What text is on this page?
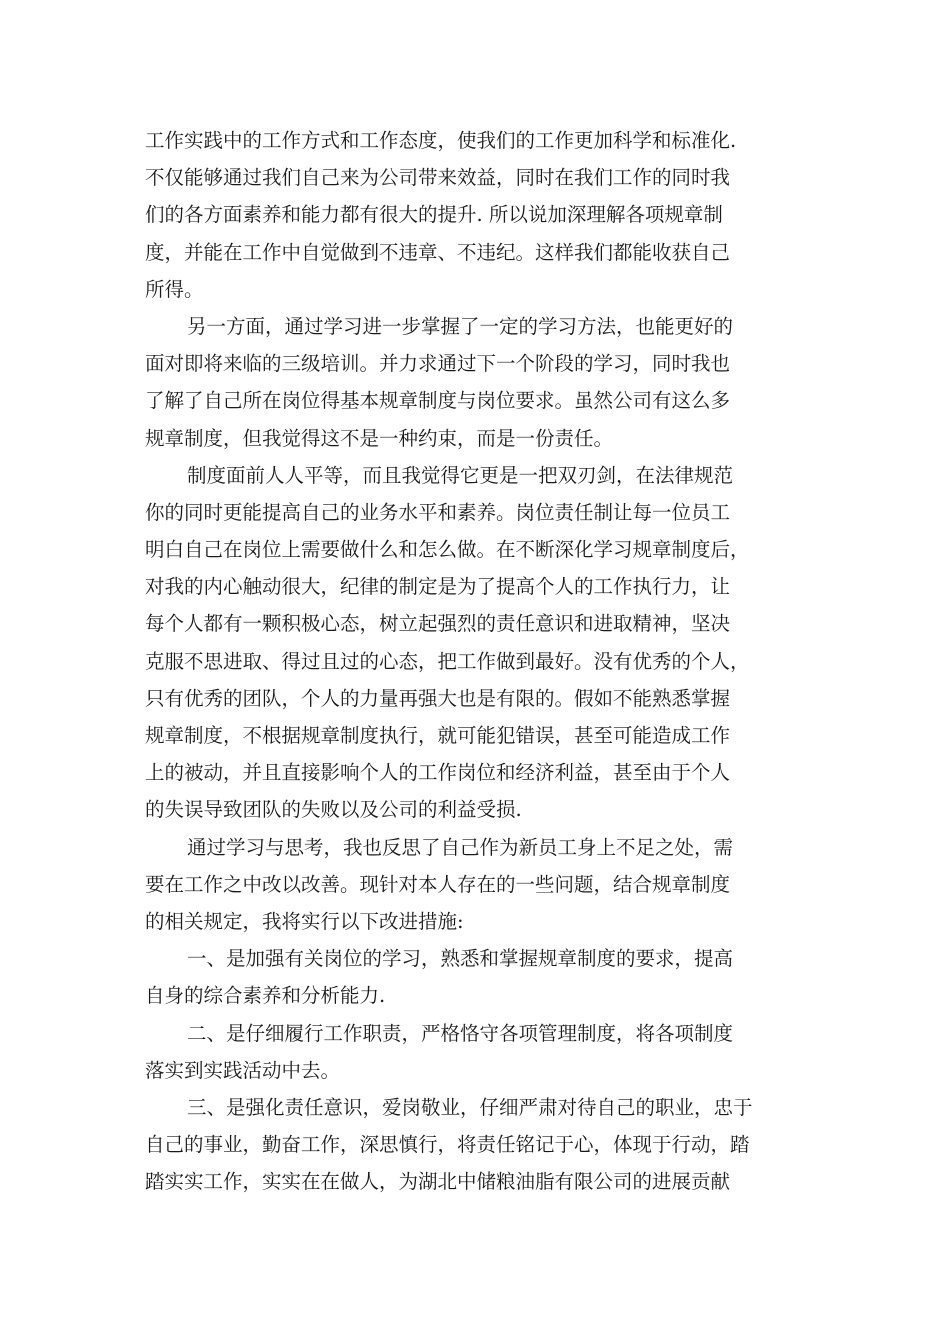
工作实践中的工作方式和工作态度，使我们的工作更加科学和标准化.
不仅能够通过我们自己来为公司带来效益，同时在我们工作的同时我
们的各方面素养和能力都有很大的提升. 所以说加深理解各项规章制
度，并能在工作中自觉做到不违章、不违纪。这样我们都能收获自己
所得。
另一方面，通过学习进一步掌握了一定的学习方法，也能更好的
面对即将来临的三级培训。并力求通过下一个阶段的学习，同时我也
了解了自己所在岗位得基本规章制度与岗位要求。虽然公司有这么多
规章制度，但我觉得这不是一种约束，而是一份责任。
制度面前人人平等，而且我觉得它更是一把双刃剑，在法律规范
你的同时更能提高自己的业务水平和素养。岗位责任制让每一位员工
明白自己在岗位上需要做什么和怎么做。在不断深化学习规章制度后，
对我的内心触动很大，纪律的制定是为了提高个人的工作执行力，让
每个人都有一颗积极心态，树立起强烈的责任意识和进取精神，坚决
克服不思进取、得过且过的心态，把工作做到最好。没有优秀的个人，
只有优秀的团队，个人的力量再强大也是有限的。假如不能熟悉掌握
规章制度，不根据规章制度执行，就可能犯错误，甚至可能造成工作
上的被动，并且直接影响个人的工作岗位和经济利益，甚至由于个人
的失误导致团队的失败以及公司的利益受损.
通过学习与思考，我也反思了自己作为新员工身上不足之处，需
要在工作之中改以改善。现针对本人存在的一些问题，结合规章制度
的相关规定，我将实行以下改进措施:
一、是加强有关岗位的学习，熟悉和掌握规章制度的要求，提高
自身的综合素养和分析能力.
二、是仔细履行工作职责，严格恪守各项管理制度，将各项制度
落实到实践活动中去。
三、是强化责任意识，爱岗敬业，仔细严肃对待自己的职业，忠于
自己的事业，勤奋工作，深思慎行，将责任铭记于心，体现于行动，踏
踏实实工作，实实在在做人，为湖北中储粮油脂有限公司的进展贡献
